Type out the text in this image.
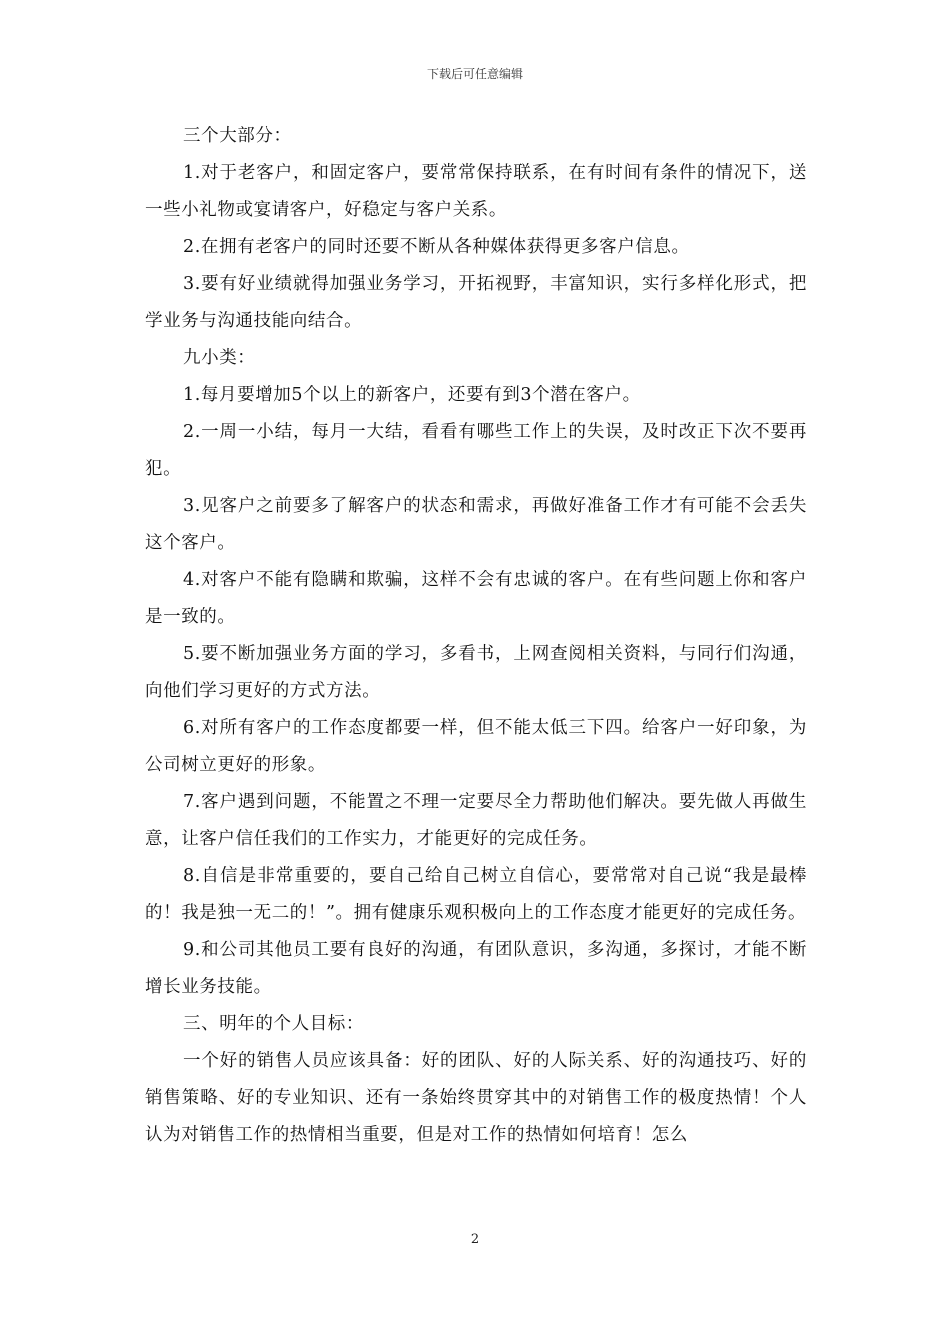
下载后可任意编辑

三个大部分：

1.对于老客户，和固定客户，要常常保持联系，在有时间有条件的情况下，送一些小礼物或宴请客户，好稳定与客户关系。

2.在拥有老客户的同时还要不断从各种媒体获得更多客户信息。

3.要有好业绩就得加强业务学习，开拓视野，丰富知识，实行多样化形式，把学业务与沟通技能向结合。

九小类：

1.每月要增加5个以上的新客户，还要有到3个潜在客户。

2.一周一小结，每月一大结，看看有哪些工作上的失误，及时改正下次不要再犯。

3.见客户之前要多了解客户的状态和需求，再做好准备工作才有可能不会丢失这个客户。

4.对客户不能有隐瞒和欺骗，这样不会有忠诚的客户。在有些问题上你和客户是一致的。

5.要不断加强业务方面的学习，多看书，上网查阅相关资料，与同行们沟通，向他们学习更好的方式方法。

6.对所有客户的工作态度都要一样，但不能太低三下四。给客户一好印象，为公司树立更好的形象。

7.客户遇到问题，不能置之不理一定要尽全力帮助他们解决。要先做人再做生意，让客户信任我们的工作实力，才能更好的完成任务。

8.自信是非常重要的，要自己给自己树立自信心，要常常对自己说“我是最棒的！我是独一无二的！”。拥有健康乐观积极向上的工作态度才能更好的完成任务。

9.和公司其他员工要有良好的沟通，有团队意识，多沟通，多探讨，才能不断增长业务技能。

三、明年的个人目标：

一个好的销售人员应该具备：好的团队、好的人际关系、好的沟通技巧、好的销售策略、好的专业知识、还有一条始终贯穿其中的对销售工作的极度热情！个人认为对销售工作的热情相当重要，但是对工作的热情如何培育！怎么

2
